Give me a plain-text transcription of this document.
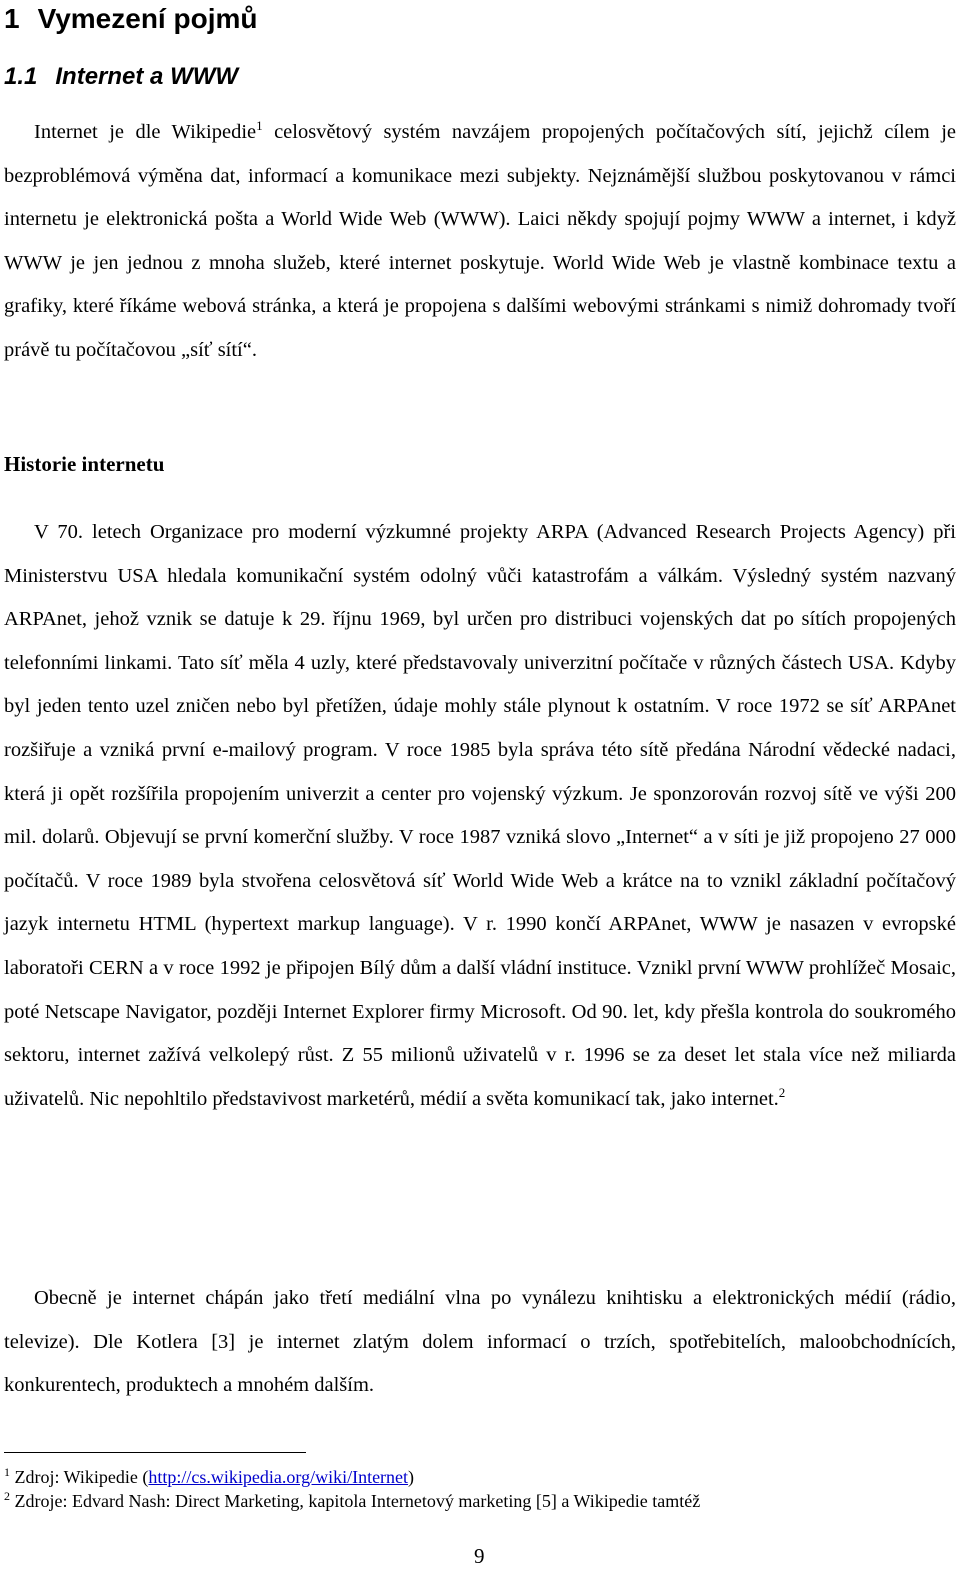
1 Vymezení pojmů
1.1 Internet a WWW

Internet je dle Wikipedie$^1$ celosvětový systém navzájem propojených počítačových sítí, jejichž cílem je bezproblémová výměna dat, informací a komunikace mezi subjekty. Nejznámější službou poskytovanou v rámci internetu je elektronická pošta a World Wide Web (WWW). Laici někdy spojují pojmy WWW a internet, i když WWW je jen jednou z mnoha služeb, které internet poskytuje. World Wide Web je vlastně kombinace textu a grafiky, které říkáme webová stránka, a která je propojena s dalšími webovými stránkami s nimiž dohromady tvoří právě tu počítačovou „síť sítí“.

Historie internetu

V 70. letech Organizace pro moderní výzkumné projekty ARPA (Advanced Research Projects Agency) při Ministerstvu USA hledala komunikační systém odolný vůči katastrofám a válkám. Výsledný systém nazvaný ARPAnet, jehož vznik se datuje k 29. říjnu 1969, byl určen pro distribuci vojenských dat po sítích propojených telefonními linkami. Tato síť měla 4 uzly, které představovaly univerzitní počítače v různých částech USA. Kdyby byl jeden tento uzel zničen nebo byl přetížen, údaje mohly stále plynout k ostatním. V roce 1972 se síť ARPAnet rozšiřuje a vzniká první e-mailový program. V roce 1985 byla správa této sítě předána Národní vědecké nadaci, která ji opět rozšířila propojením univerzit a center pro vojenský výzkum. Je sponzorován rozvoj sítě ve výši 200 mil. dolarů. Objevují se první komerční služby. V roce 1987 vzniká slovo „Internet“ a v síti je již propojeno 27 000 počítačů. V roce 1989 byla stvořena celosvětová síť World Wide Web a krátce na to vznikl základní počítačový jazyk internetu HTML (hypertext markup language). V r. 1990 končí ARPAnet, WWW je nasazen v evropské laboratoři CERN a v roce 1992 je připojen Bílý dům a další vládní instituce. Vznikl první WWW prohlížeč Mosaic, poté Netscape Navigator, později Internet Explorer firmy Microsoft. Od 90. let, kdy přešla kontrola do soukromého sektoru, internet zažívá velkolepý růst. Z 55 milionů uživatelů v r. 1996 se za deset let stala více než miliarda uživatelů. Nic nepohltilo představivost marketérů, médií a světa komunikací tak, jako internet.$^2$

Obecně je internet chápán jako třetí mediální vlna po vynálezu knihtisku a elektronických médií (rádio, televize). Dle Kotlera [3] je internet zlatým dolem informací o trzích, spotřebitelích, maloobchodnících, konkurentech, produktech a mnohém dalším.

$^1$ Zdroj: Wikipedie (http://cs.wikipedia.org/wiki/Internet)
$^2$ Zdroje: Edvard Nash: Direct Marketing, kapitola Internetový marketing [5] a Wikipedie tamtéž
9
